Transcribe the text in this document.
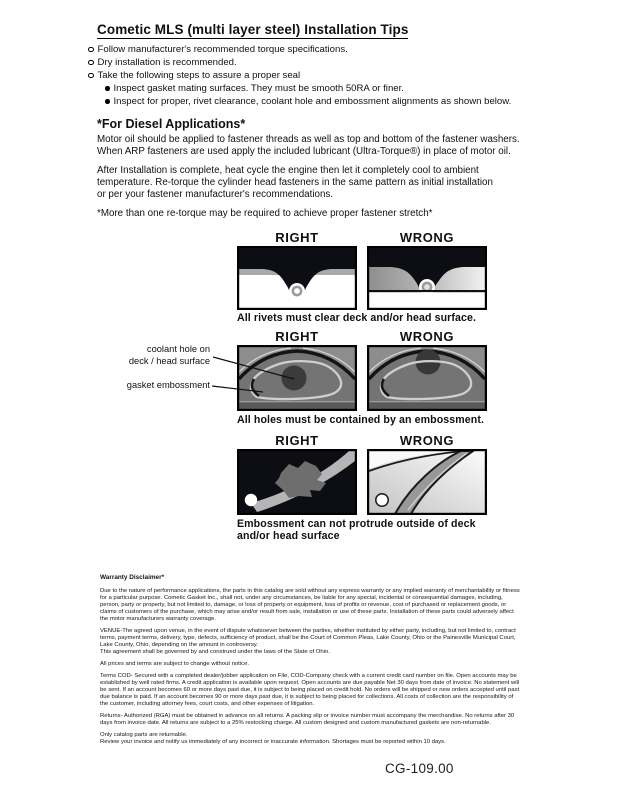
Cometic MLS (multi layer steel) Installation Tips
Follow manufacturer's recommended torque specifications.
Dry installation is recommended.
Take the following steps to assure a proper seal
Inspect gasket mating surfaces. They must be smooth 50RA or finer.
Inspect for proper, rivet clearance, coolant hole and embossment alignments as shown below.
*For Diesel Applications*
Motor oil should be applied to fastener threads as well as top and bottom of the fastener washers.
When ARP fasteners are used apply the included lubricant (Ultra-Torque®) in place of motor oil.
After Installation is complete, heat cycle the engine then let it completely cool to ambient
temperature. Re-torque the cylinder head fasteners in the same pattern as initial installation
or per your fastener manufacturer's recommendations.
*More than one re-torque may be required to achieve proper fastener stretch*
RIGHT	WRONG
All rivets must clear deck and/or head surface.
RIGHT	WRONG
coolant hole on
deck / head surface
gasket embossment
All holes must be contained by an embossment.
RIGHT	WRONG
Embossment can not protrude outside of deck
and/or head surface
Warranty Disclaimer*

Due to the nature of performance applications, the parts in this catalog are sold without any express warranty or any implied warranty of merchantability or fitness for a particular purpose. Cometic Gasket Inc., shall not, under any circumstances, be liable for any special, incidental or consequential damages, including, person, party or property, but not limited to, damage, or loss of property or equipment, loss of profits or revenue, cost of purchased or replacement goods, or claims of customers of the purchase, which may arise and/or result from sale, installation or use of these parts. Installation of these parts could adversely affect the motor manufacturers warranty coverage.

VENUE-The agreed upon venue, in the event of dispute whatsoever between the parties, whether instituted by either party, including, but not limited to, contract terms, payment terms, delivery, type, defects, sufficiency of product, shall be the Court of Common Pleas, Lake County, Ohio or the Painesville Municipal Court, Lake County, Ohio, depending on the amount in controversy.

This agreement shall be governed by and construed under the laws of the State of Ohio.

All prices and terms are subject to change without notice.

Terms COD- Secured with a completed dealer/jobber application on File, COD-Company check with a current credit card number on file. Open accounts may be established by well rated firms. A credit application is available upon request. Open accounts are due payable Net 30 days from date of invoice. No statement will be sent. If an account becomes 60 or more days past due, it is subject to being placed on credit hold. No orders will be shipped or new orders accepted until past due balance is paid. If an account becomes 90 or more days past due, it is subject to being placed for collections. All costs of collection are the responsibility of the customer, including attorney fees, court costs, and other expenses of litigation.

Returns- Authorized (RGA) must be obtained in advance on all returns. A packing slip or invoice number must accompany the merchandise. No returns after 30 days from invoice date. All returns are subject to a 25% restocking charge. All custom designed and custom manufactured gaskets are non-returnable.

Only catalog parts are returnable.

Review your invoice and notify us immediately of any incorrect or inaccurate information. Shortages must be reported within 10 days.

CG-109.00
